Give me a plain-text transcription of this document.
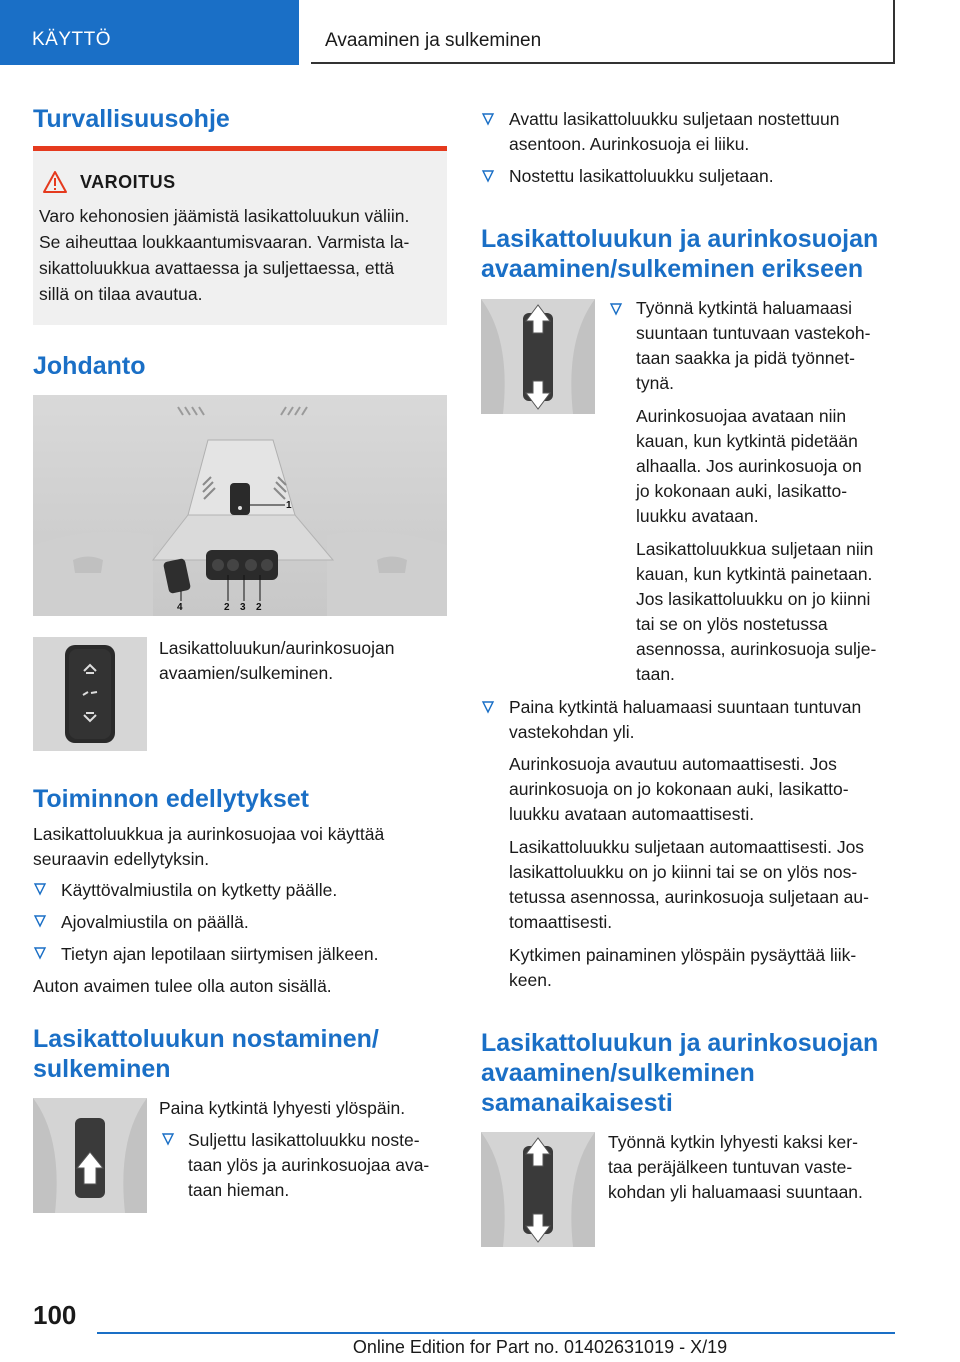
KÄYTTÖ	Avaaminen ja sulkeminen
Turvallisuusohje
VAROITUS
Varo kehonosien jäämistä lasikattoluukun väliin.
Se aiheuttaa loukkaantumisvaaran. Varmista la-
sikattoluukkua avattaessa ja suljettaessa, että
sillä on tilaa avautua.
Johdanto
1
4	2 3 2
Lasikattoluukun/aurinkosuojan
avaamien/sulkeminen.
Toiminnon edellytykset
Lasikattoluukkua ja aurinkosuojaa voi käyttää
seuraavin edellytyksin.
Käyttövalmiustila on kytketty päälle.
Ajovalmiustila on päällä.
Tietyn ajan lepotilaan siirtymisen jälkeen.
Auton avaimen tulee olla auton sisällä.
Lasikattoluukun nostaminen/
sulkeminen
Paina kytkintä lyhyesti ylöspäin.
Suljettu lasikattoluukku noste-
taan ylös ja aurinkosuojaa ava-
taan hieman.
Avattu lasikattoluukku suljetaan nostettuun
asentoon. Aurinkosuoja ei liiku.
Nostettu lasikattoluukku suljetaan.
Lasikattoluukun ja aurinkosuojan
avaaminen/sulkeminen erikseen
Työnnä kytkintä haluamaasi
suuntaan tuntuvaan vastekoh-
taan saakka ja pidä työnnet-
tynä.
Aurinkosuojaa avataan niin
kauan, kun kytkintä pidetään
alhaalla. Jos aurinkosuoja on
jo kokonaan auki, lasikatto-
luukku avataan.
Lasikattoluukkua suljetaan niin
kauan, kun kytkintä painetaan.
Jos lasikattoluukku on jo kiinni
tai se on ylös nostetussa
asennossa, aurinkosuoja sulje-
taan.
Paina kytkintä haluamaasi suuntaan tuntuvan
vastekohdan yli.
Aurinkosuoja avautuu automaattisesti. Jos
aurinkosuoja on jo kokonaan auki, lasikatto-
luukku avataan automaattisesti.
Lasikattoluukku suljetaan automaattisesti. Jos
lasikattoluukku on jo kiinni tai se on ylös nos-
tetussa asennossa, aurinkosuoja suljetaan au-
tomaattisesti.
Kytkimen painaminen ylöspäin pysäyttää liik-
keen.
Lasikattoluukun ja aurinkosuojan
avaaminen/sulkeminen
samanaikaisesti
Työnnä kytkin lyhyesti kaksi ker-
taa peräjälkeen tuntuvan vaste-
kohdan yli haluamaasi suuntaan.
100
Online Edition for Part no. 01402631019 - X/19
